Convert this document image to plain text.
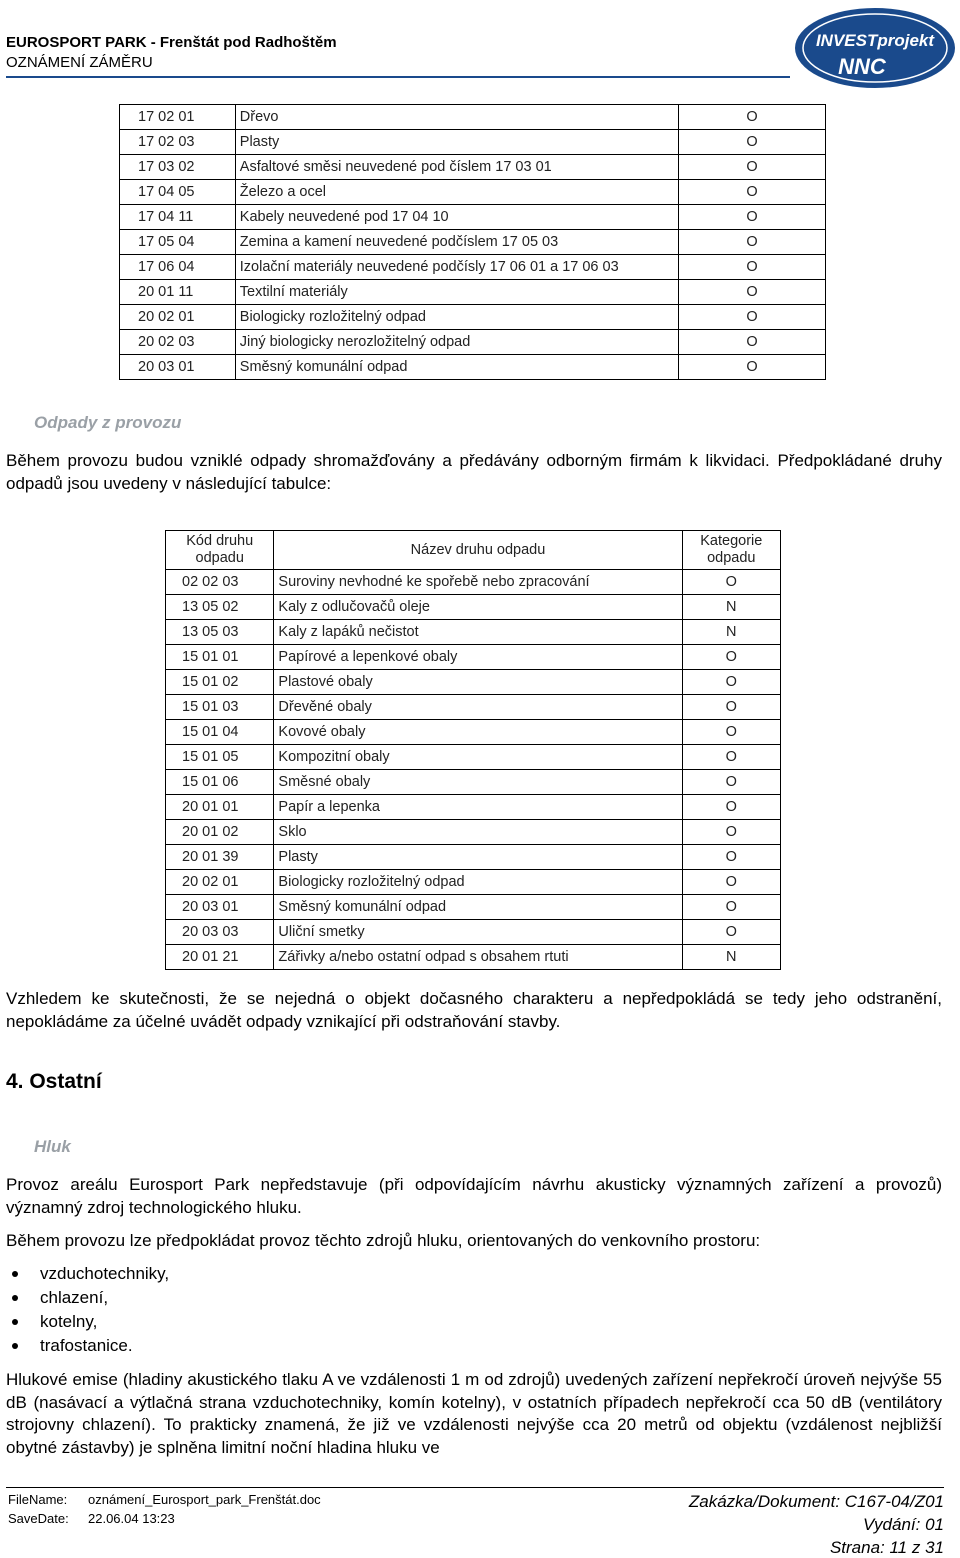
EUROSPORT PARK - Frenštát pod Radhoštěm
OZNÁMENÍ ZÁMĚRU
INVESTprojekt
NNC
17 02 01	Dřevo	O
17 02 03	Plasty	O
17 03 02	Asfaltové směsi neuvedené pod číslem 17 03 01	O
17 04 05	Železo a ocel	O
17 04 11	Kabely neuvedené pod 17 04 10	O
17 05 04	Zemina a kamení neuvedené podčíslem 17 05 03	O
17 06 04	Izolační materiály neuvedené podčísly 17 06 01 a 17 06 03	O
20 01 11	Textilní materiály	O
20 02 01	Biologicky rozložitelný odpad	O
20 02 03	Jiný biologicky nerozložitelný odpad	O
20 03 01	Směsný komunální odpad	O
Odpady z provozu
Během provozu budou vzniklé odpady shromažďovány a předávány odborným firmám k likvidaci. Předpokládané druhy odpadů jsou uvedeny v následující tabulce:
Kód druhu odpadu	Název druhu odpadu	Kategorie odpadu
02 02 03	Suroviny nevhodné ke spořebě nebo zpracování	O
13 05 02	Kaly z odlučovačů oleje	N
13 05 03	Kaly z lapáků nečistot	N
15 01 01	Papírové a lepenkové obaly	O
15 01 02	Plastové obaly	O
15 01 03	Dřevěné obaly	O
15 01 04	Kovové obaly	O
15 01 05	Kompozitní obaly	O
15 01 06	Směsné obaly	O
20 01 01	Papír a lepenka	O
20 01 02	Sklo	O
20 01 39	Plasty	O
20 02 01	Biologicky rozložitelný odpad	O
20 03 01	Směsný komunální odpad	O
20 03 03	Uliční smetky	O
20 01 21	Zářivky a/nebo ostatní odpad s obsahem rtuti	N
Vzhledem ke skutečnosti, že se nejedná o objekt dočasného charakteru a nepředpokládá se tedy jeho odstranění, nepokládáme za účelné uvádět odpady vznikající při odstraňování stavby.
4. Ostatní
Hluk
Provoz areálu Eurosport Park nepředstavuje (při odpovídajícím návrhu akusticky významných zařízení a provozů) významný zdroj technologického hluku.
Během provozu lze předpokládat provoz těchto zdrojů hluku, orientovaných do venkovního prostoru:
vzduchotechniky,
chlazení,
kotelny,
trafostanice.
Hlukové emise (hladiny akustického tlaku A ve vzdálenosti 1 m od zdrojů) uvedených zařízení nepřekročí úroveň nejvýše 55 dB (nasávací a výtlačná strana vzduchotechniky, komín kotelny), v ostatních případech nepřekročí cca 50 dB (ventilátory strojovny chlazení). To prakticky znamená, že již ve vzdálenosti nejvýše cca 20 metrů od objektu (vzdálenost nejbližší obytné zástavby) je splněna limitní noční hladina hluku ve
FileName: oznámení_Eurosport_park_Frenštát.doc
SaveDate: 22.06.04 13:23
Zakázka/Dokument: C167-04/Z01
Vydání: 01
Strana: 11 z 31
